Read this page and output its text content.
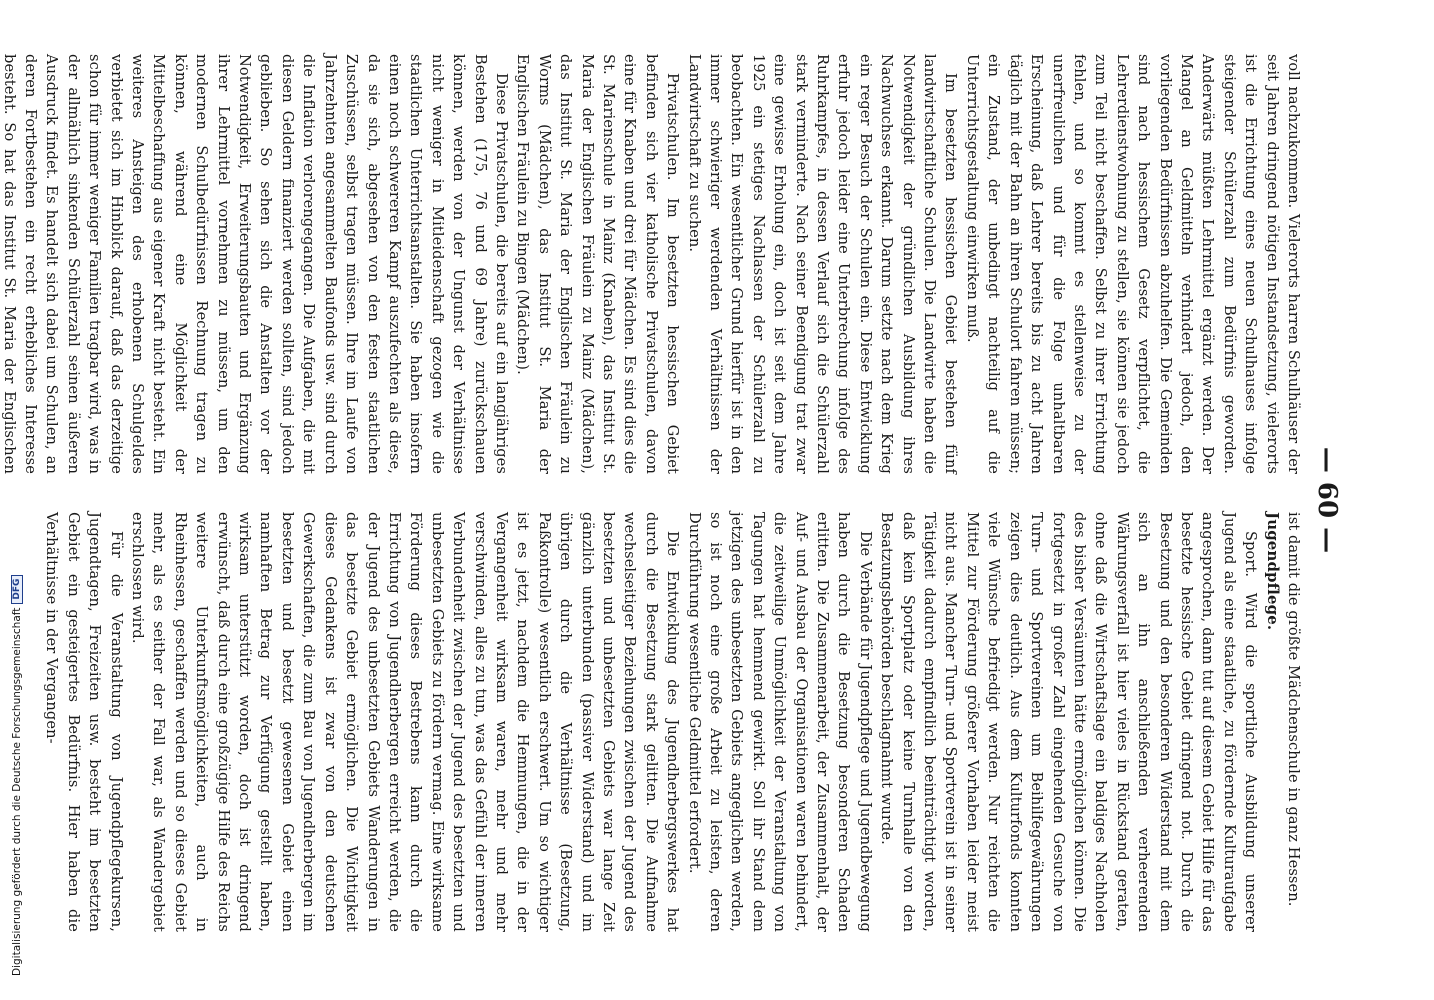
— 60 —

voll nachzukommen. Vielerorts harren Schulhäuser der seit Jahren dringend nötigen Instandsetzung, vielerorts ist die Errichtung eines neuen Schulhauses infolge steigender Schülerzahl zum Bedürfnis geworden. Anderwärts müßten Lehrmittel ergänzt werden. Der Mangel an Geldmitteln verhindert jedoch, den vorliegenden Bedürfnissen abzuhelfen. Die Gemeinden sind nach hessischem Gesetz verpflichtet, die Lehrerdienstwohnung zu stellen, sie können sie jedoch zum Teil nicht beschaffen. Selbst zu ihrer Errichtung fehlen, und so kommt es stellenweise zu der unerfreulichen und für die Folge unhaltbaren Erscheinung, daß Lehrer bereits bis zu acht Jahren täglich mit der Bahn an ihren Schulort fahren müssen; ein Zustand, der unbedingt nachteilig auf die Unterrichtsgestaltung einwirken muß.

Im besetzten hessischen Gebiet bestehen fünf landwirtschaftliche Schulen. Die Landwirte haben die Notwendigkeit der gründlichen Ausbildung ihres Nachwuchses erkannt. Darum setzte nach dem Krieg ein reger Besuch der Schulen ein. Diese Entwicklung erfuhr jedoch leider eine Unterbrechung infolge des Ruhrkampfes, in dessen Verlauf sich die Schülerzahl stark verminderte. Nach seiner Beendigung trat zwar eine gewisse Erholung ein, doch ist seit dem Jahre 1925 ein stetiges Nachlassen der Schülerzahl zu beobachten. Ein wesentlicher Grund hierfür ist in den immer schwieriger werdenden Verhältnissen der Landwirtschaft zu suchen.

Privatschulen. Im besetzten hessischen Gebiet befinden sich vier katholische Privatschulen, davon eine für Knaben und drei für Mädchen. Es sind dies die St. Marienschule in Mainz (Knaben), das Institut St. Maria der Englischen Fräulein zu Mainz (Mädchen), das Institut St. Maria der Englischen Fräulein zu Worms (Mädchen), das Institut St. Maria der Englischen Fräulein zu Bingen (Mädchen).

Diese Privatschulen, die bereits auf ein langjähriges Bestehen (175, 76 und 69 Jahre) zurückschauen können, werden von der Ungunst der Verhältnisse nicht weniger in Mitleidenschaft gezogen wie die staatlichen Unterrichtsanstalten. Sie haben insofern einen noch schwereren Kampf auszufechten als diese, da sie sich, abgesehen von den festen staatlichen Zuschüssen, selbst tragen müssen. Ihre im Laufe von Jahrzehnten angesammelten Baufonds usw. sind durch die Inflation verlorengegangen. Die Aufgaben, die mit diesen Geldern finanziert werden sollten, sind jedoch geblieben. So sehen sich die Anstalten vor der Notwendigkeit, Erweiterungsbauten und Ergänzung ihrer Lehrmittel vornehmen zu müssen, um den modernen Schulbedürfnissen Rechnung tragen zu können, während eine Möglichkeit der Mittelbeschaffung aus eigener Kraft nicht besteht. Ein weiteres Ansteigen des erhobenen Schulgeldes verbietet sich im Hinblick darauf, daß das derzeitige schon für immer weniger Familien tragbar wird, was in der allmählich sinkenden Schülerzahl seinen äußeren Ausdruck findet. Es handelt sich dabei um Schulen, an deren Fortbestehen ein recht erhebliches Interesse besteht. So hat das Institut St. Maria der Englischen

ist damit die größte Mädchenschule in ganz Hessen.

Jugendpflege.

Sport. Wird die sportliche Ausbildung unserer Jugend als eine staatliche, zu fördernde Kulturaufgabe angesprochen, dann tut auf diesem Gebiet Hilfe für das besetzte hessische Gebiet dringend not. Durch die Besetzung und den besonderen Widerstand mit dem sich an ihn anschließenden verheerenden Währungsverfall ist hier vieles in Rückstand geraten, ohne daß die Wirtschaftslage ein baldiges Nachholen des bisher Versäumten hätte ermöglichen können. Die fortgesetzt in großer Zahl eingehenden Gesuche von Turn- und Sportvereinen um Beihilfegewährungen zeigen dies deutlich. Aus dem Kulturfonds konnten viele Wünsche befriedigt werden. Nur reichten die Mittel zur Förderung größerer Vorhaben leider meist nicht aus. Mancher Turn- und Sportverein ist in seiner Tätigkeit dadurch empfindlich beeinträchtigt worden, daß kein Sportplatz oder keine Turnhalle von den Besatzungsbehörden beschlagnahmt wurde.

Die Verbände für Jugendpflege und Jugendbewegung haben durch die Besetzung besonderen Schaden erlitten. Die Zusammenarbeit, der Zusammenhalt, der Auf- und Ausbau der Organisationen waren behindert, die zeitweilige Unmöglichkeit der Veranstaltung von Tagungen hat hemmend gewirkt. Soll ihr Stand dem jetzigen des unbesetzten Gebiets angeglichen werden, so ist noch eine große Arbeit zu leisten, deren Durchführung wesentliche Geldmittel erfordert.

Die Entwicklung des Jugendherbergswerkes hat durch die Besetzung stark gelitten. Die Aufnahme wechselseitiger Beziehungen zwischen der Jugend des besetzten und unbesetzten Gebiets war lange Zeit gänzlich unterbunden (passiver Widerstand) und im übrigen durch die Verhältnisse (Besetzung, Paßkontrolle) wesentlich erschwert. Um so wichtiger ist es jetzt, nachdem die Hemmungen, die in der Vergangenheit wirksam waren, mehr und mehr verschwinden, alles zu tun, was das Gefühl der inneren Verbundenheit zwischen der Jugend des besetzten und unbesetzten Gebiets zu fördern vermag. Eine wirksame Förderung dieses Bestrebens kann durch die Errichtung von Jugendherbergen erreicht werden, die der Jugend des unbesetzten Gebiets Wanderungen in das besetzte Gebiet ermöglichen. Die Wichtigkeit dieses Gedankens ist zwar von den deutschen Gewerkschaften, die zum Bau von Jugendherbergen im besetzten und besetzt gewesenen Gebiet einen namhaften Betrag zur Verfügung gestellt haben, wirksam unterstützt worden, doch ist dringend erwünscht, daß durch eine großzügige Hilfe des Reichs weitere Unterkunftsmöglichkeiten, auch in Rheinhessen, geschaffen werden und so dieses Gebiet mehr, als es seither der Fall war, als Wandergebiet erschlossen wird.

Für die Veranstaltung von Jugendpflegekursen, Jugendtagen, Freizeiten usw. besteht im besetzten Gebiet ein gesteigertes Bedürfnis. Hier haben die Verhältnisse in der Vergangen-

Digitalisierung gefördert durch die Deutsche Forschungsgemeinschaft
DFG
